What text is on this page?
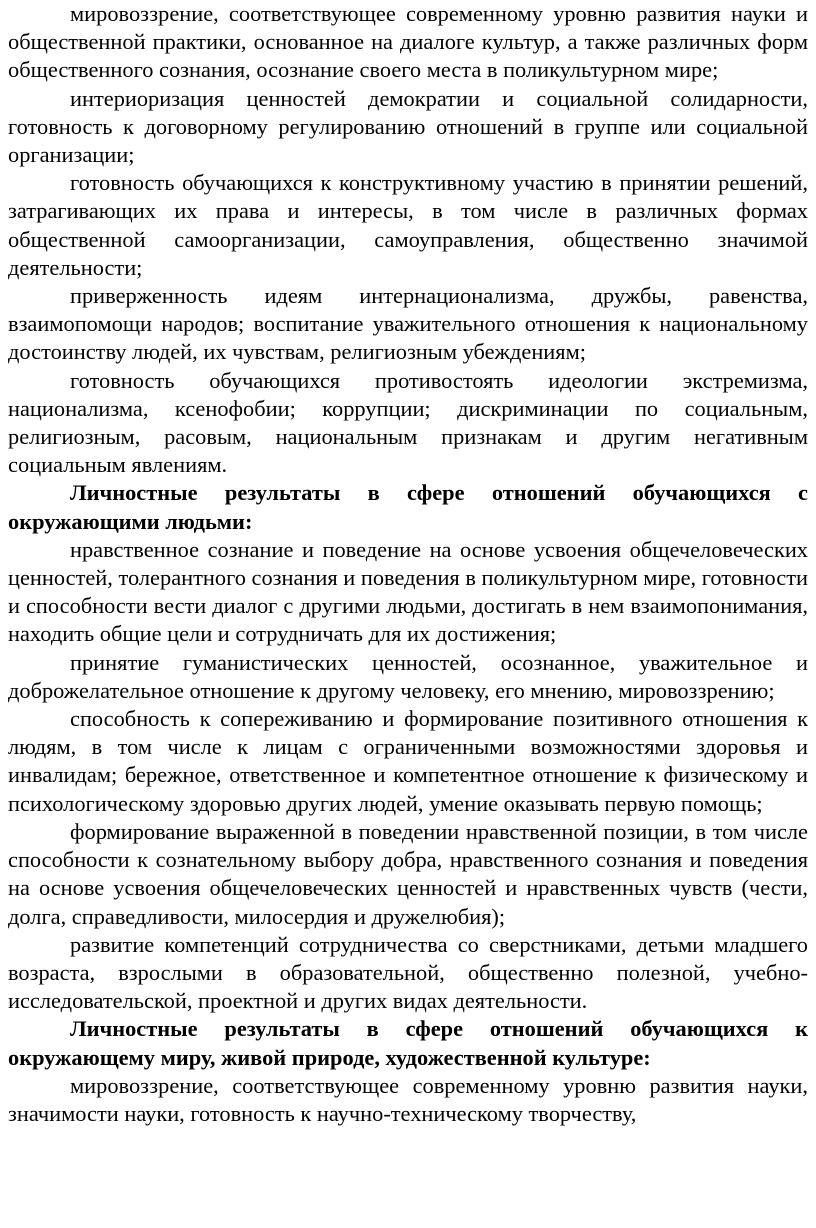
мировоззрение, соответствующее современному уровню развития науки и общественной практики, основанное на диалоге культур, а также различных форм общественного сознания, осознание своего места в поликультурном мире;

интериоризация ценностей демократии и социальной солидарности, готовность к договорному регулированию отношений в группе или социальной организации;

готовность обучающихся к конструктивному участию в принятии решений, затрагивающих их права и интересы, в том числе в различных формах общественной самоорганизации, самоуправления, общественно значимой деятельности;

приверженность идеям интернационализма, дружбы, равенства, взаимопомощи народов; воспитание уважительного отношения к национальному достоинству людей, их чувствам, религиозным убеждениям;

готовность обучающихся противостоять идеологии экстремизма, национализма, ксенофобии; коррупции; дискриминации по социальным, религиозным, расовым, национальным признакам и другим негативным социальным явлениям.

Личностные результаты в сфере отношений обучающихся с окружающими людьми:

нравственное сознание и поведение на основе усвоения общечеловеческих ценностей, толерантного сознания и поведения в поликультурном мире, готовности и способности вести диалог с другими людьми, достигать в нем взаимопонимания, находить общие цели и сотрудничать для их достижения;

принятие гуманистических ценностей, осознанное, уважительное и доброжелательное отношение к другому человеку, его мнению, мировоззрению;

способность к сопереживанию и формирование позитивного отношения к людям, в том числе к лицам с ограниченными возможностями здоровья и инвалидам; бережное, ответственное и компетентное отношение к физическому и психологическому здоровью других людей, умение оказывать первую помощь;

формирование выраженной в поведении нравственной позиции, в том числе способности к сознательному выбору добра, нравственного сознания и поведения на основе усвоения общечеловеческих ценностей и нравственных чувств (чести, долга, справедливости, милосердия и дружелюбия);

развитие компетенций сотрудничества со сверстниками, детьми младшего возраста, взрослыми в образовательной, общественно полезной, учебно-исследовательской, проектной и других видах деятельности.

Личностные результаты в сфере отношений обучающихся к окружающему миру, живой природе, художественной культуре:

мировоззрение, соответствующее современному уровню развития науки, значимости науки, готовность к научно-техническому творчеству,
